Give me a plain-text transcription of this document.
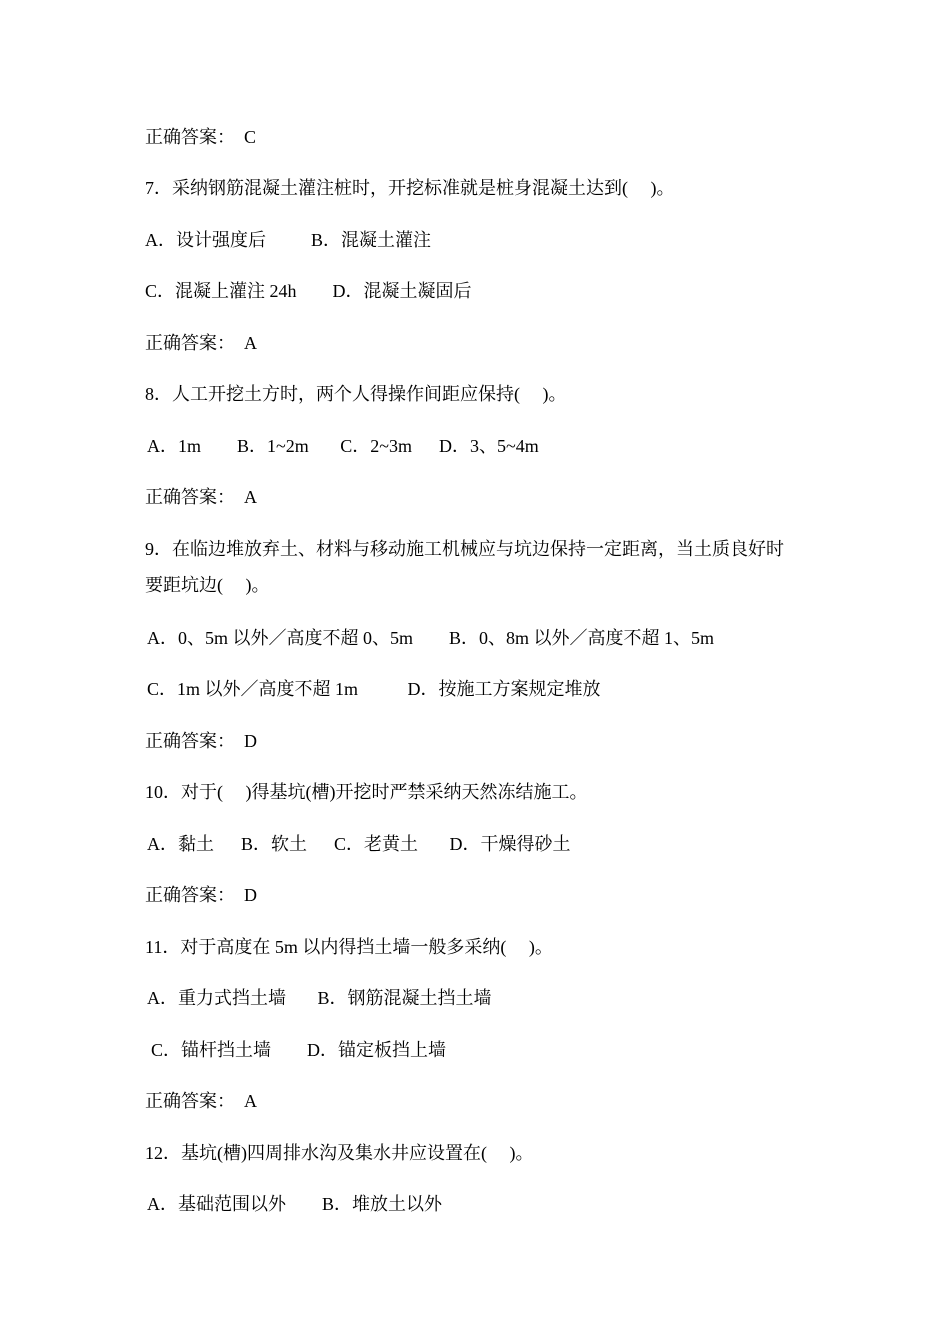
正确答案：  C
7．采纳钢筋混凝土灌注桩时，开挖标准就是桩身混凝土达到(     )。
A．设计强度后          B．混凝土灌注
C．混凝上灌注 24h        D．混凝土凝固后
正确答案：  A
8．人工开挖土方时，两个人得操作间距应保持(     )。
A．1m        B．1~2m       C．2~3m      D．3、5~4m
正确答案：  A
9．在临边堆放弃土、材料与移动施工机械应与坑边保持一定距离，当土质良好时
要距坑边(     )。
A．0、5m 以外／高度不超 0、5m        B．0、8m 以外／高度不超 1、5m
C．1m 以外／高度不超 1m           D．按施工方案规定堆放
正确答案：  D
10．对于(     )得基坑(槽)开挖时严禁采纳天然冻结施工。
A．黏土      B．软土      C．老黄土       D．干燥得砂土
正确答案：  D
11．对于高度在 5m 以内得挡土墙一般多采纳(     )。
A．重力式挡土墙       B．钢筋混凝土挡土墙
C．锚杆挡土墙        D．锚定板挡上墙
正确答案：  A
12．基坑(槽)四周排水沟及集水井应设置在(     )。
A．基础范围以外        B．堆放土以外
